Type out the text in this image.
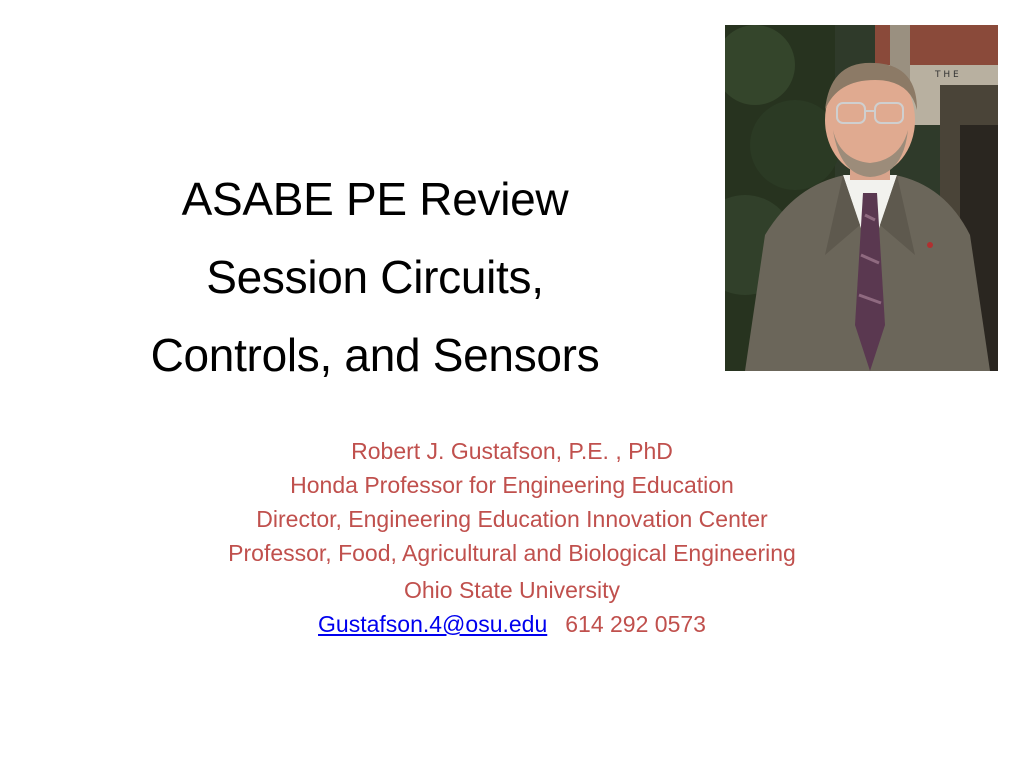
ASABE PE Review
Session Circuits,
Controls, and Sensors
T H E
Robert J. Gustafson, P.E. , PhD
Honda Professor for Engineering Education
Director, Engineering Education Innovation Center
Professor, Food, Agricultural and Biological Engineering
Ohio State University
Gustafson.4@osu.edu 614 292 0573
